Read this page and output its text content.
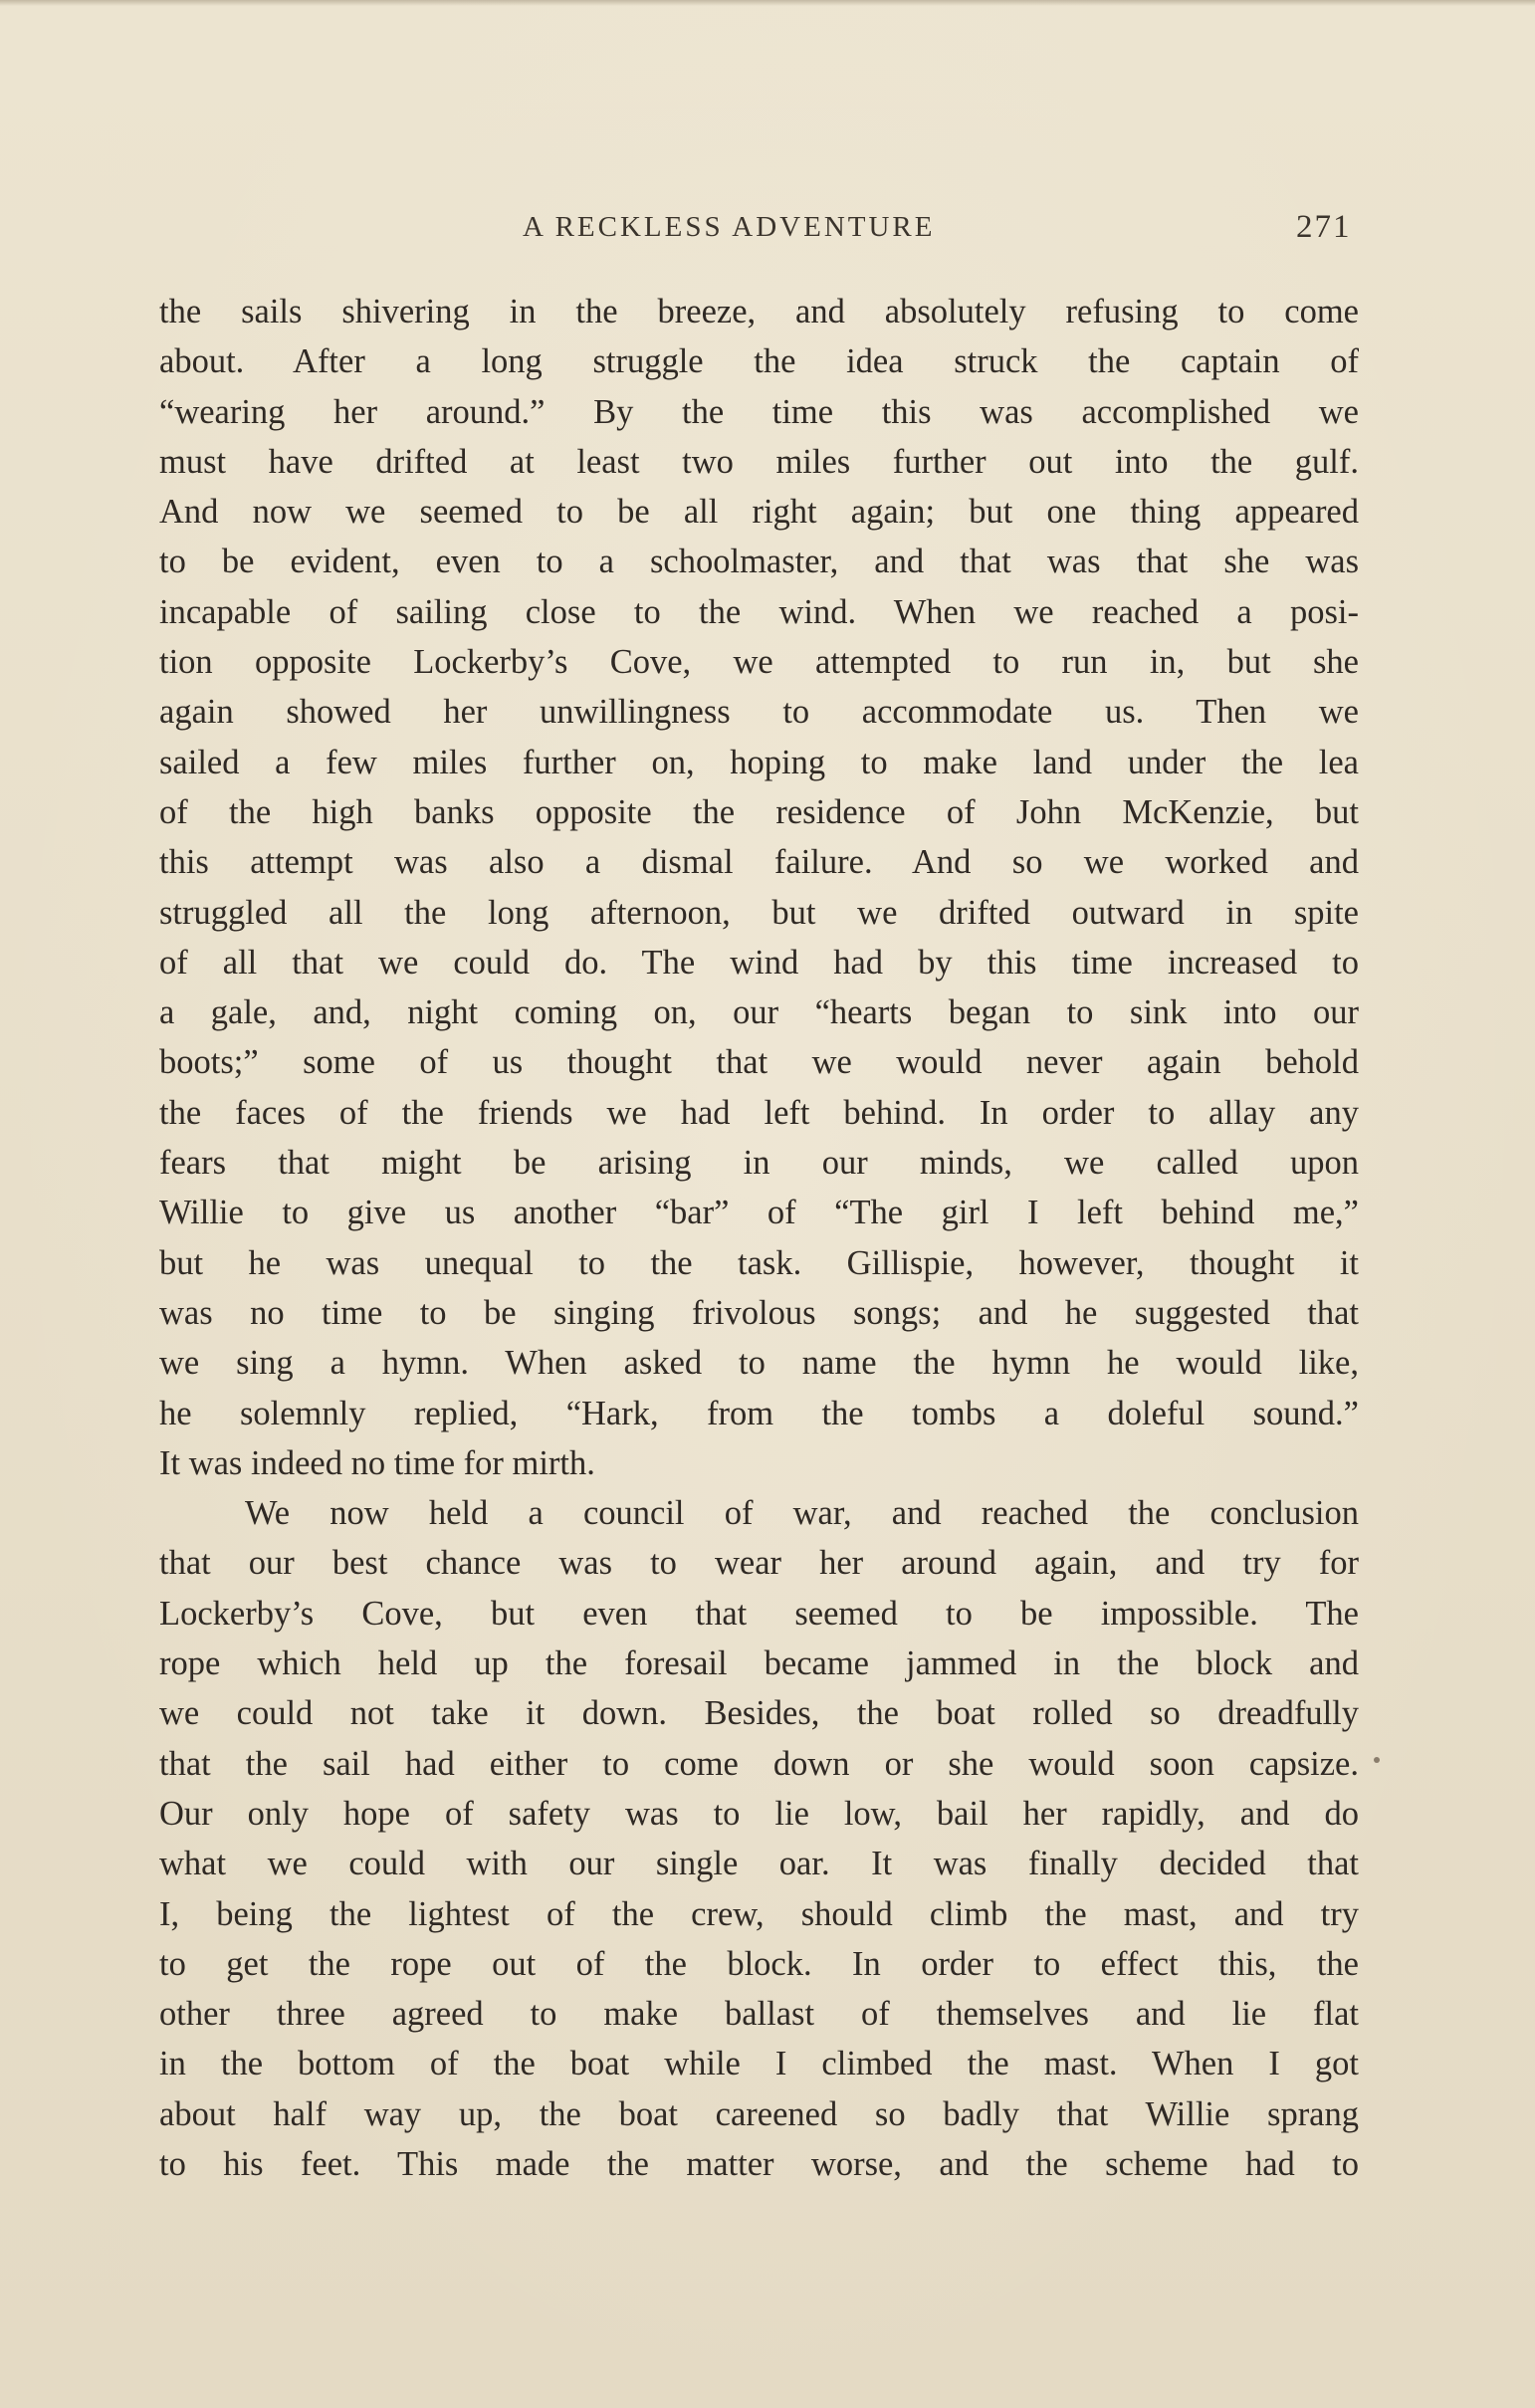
A RECKLESS ADVENTURE	271
the sails shivering in the breeze, and absolutely refusing to come
about. After a long struggle the idea struck the captain of
“wearing her around.” By the time this was accomplished we
must have drifted at least two miles further out into the gulf.
And now we seemed to be all right again; but one thing appeared
to be evident, even to a schoolmaster, and that was that she was
incapable of sailing close to the wind. When we reached a posi-
tion opposite Lockerby’s Cove, we attempted to run in, but she
again showed her unwillingness to accommodate us. Then we
sailed a few miles further on, hoping to make land under the lea
of the high banks opposite the residence of John McKenzie, but
this attempt was also a dismal failure. And so we worked and
struggled all the long afternoon, but we drifted outward in spite
of all that we could do. The wind had by this time increased to
a gale, and, night coming on, our “hearts began to sink into our
boots;” some of us thought that we would never again behold
the faces of the friends we had left behind. In order to allay any
fears that might be arising in our minds, we called upon
Willie to give us another “bar” of “The girl I left behind me,”
but he was unequal to the task. Gillispie, however, thought it
was no time to be singing frivolous songs; and he suggested that
we sing a hymn. When asked to name the hymn he would like,
he solemnly replied, “Hark, from the tombs a doleful sound.”
It was indeed no time for mirth.
We now held a council of war, and reached the conclusion
that our best chance was to wear her around again, and try for
Lockerby’s Cove, but even that seemed to be impossible. The
rope which held up the foresail became jammed in the block and
we could not take it down. Besides, the boat rolled so dreadfully
that the sail had either to come down or she would soon capsize.
Our only hope of safety was to lie low, bail her rapidly, and do
what we could with our single oar. It was finally decided that
I, being the lightest of the crew, should climb the mast, and try
to get the rope out of the block. In order to effect this, the
other three agreed to make ballast of themselves and lie flat
in the bottom of the boat while I climbed the mast. When I got
about half way up, the boat careened so badly that Willie sprang
to his feet. This made the matter worse, and the scheme had to
